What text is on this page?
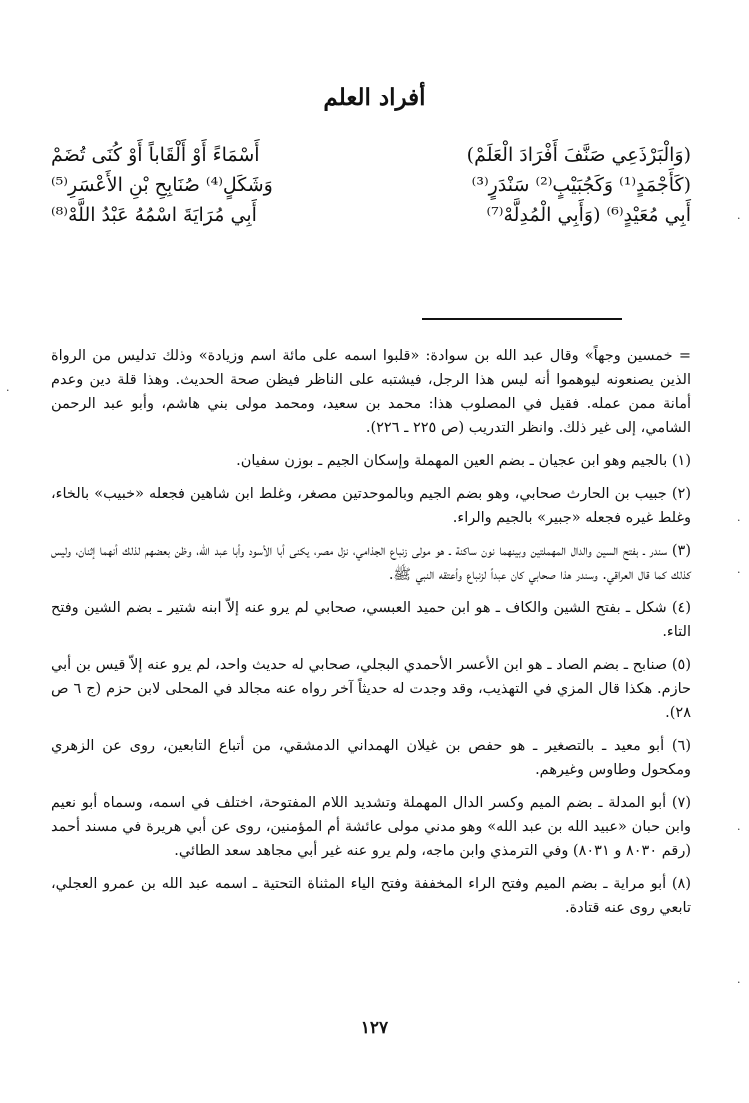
أفراد العلم
(وَالْبَرْذَعِي صَنَّفَ أَفْرَادَ الْعَلَمْ)
أَسْمَاءً أَوْ أَلْقَاباً أَوْ كُنَى تُضَمْ
(كَأَجْمَدٍ⁽¹⁾ وَكَجُبَيْبٍ⁽²⁾ سَنْدَرٍ⁽³⁾
وَشَكَلٍ⁽⁴⁾ صُنَابِحِ بْنِ الأَعْسَرِ⁽⁵⁾
أَبِي مُعَيْدٍ⁽⁶⁾ (وَأَبِي الْمُدِلَّهْ⁽⁷⁾
أَبِي مُرَايَةَ اسْمُهُ عَبْدُ اللَّهْ⁽⁸⁾

= خمسين وجهاً» وقال عبد الله بن سوادة: «قلبوا اسمه على مائة اسم وزيادة» وذلك تدليس من الرواة الذين يصنعونه ليوهموا أنه ليس هذا الرجل، فيشتبه على الناظر فيظن صحة الحديث. وهذا قلة دين وعدم أمانة ممن عمله. فقيل في المصلوب هذا: محمد بن سعيد، ومحمد مولى بني هاشم، وأبو عبد الرحمن الشامي، إلى غير ذلك. وانظر التدريب (ص ٢٢٥ ـ ٢٢٦).

(١) بالجيم وهو ابن عجيان ـ بضم العين المهملة وإسكان الجيم ـ بوزن سفيان.

(٢) جبيب بن الحارث صحابي، وهو بضم الجيم وبالموحدتين مصغر، وغلط ابن شاهين فجعله «خبيب» بالخاء، وغلط غيره فجعله «جبير» بالجيم والراء.

(٣) سندر ـ بفتح السين والدال المهملتين وبينهما نون ساكنة ـ هو مولى زنباع الجذامي، نزل مصر، يكنى أبا الأسود وأبا عبد الله، وظن بعضهم لذلك أنهما إثنان، وليس كذلك كما قال العراقي. وسندر هذا صحابي كان عبداً لزنباع وأعتقه النبي ﷺ.

(٤) شكل ـ بفتح الشين والكاف ـ هو ابن حميد العبسي، صحابي لم يرو عنه إلاّ ابنه شتير ـ بضم الشين وفتح التاء.

(٥) صنابح ـ بضم الصاد ـ هو ابن الأعسر الأحمدي البجلي، صحابي له حديث واحد، لم يرو عنه إلاّ قيس بن أبي حازم. هكذا قال المزي في التهذيب، وقد وجدت له حديثاً آخر رواه عنه مجالد في المحلى لابن حزم (ج ٦ ص ٢٨).

(٦) أبو معيد ـ بالتصغير ـ هو حفص بن غيلان الهمداني الدمشقي، من أتباع التابعين، روى عن الزهري ومكحول وطاوس وغيرهم.

(٧) أبو المدلة ـ بضم الميم وكسر الدال المهملة وتشديد اللام المفتوحة، اختلف في اسمه، وسماه أبو نعيم وابن حبان «عبيد الله بن عبد الله» وهو مدني مولى عائشة أم المؤمنين، روى عن أبي هريرة في مسند أحمد (رقم ٨٠٣٠ و ٨٠٣١) وفي الترمذي وابن ماجه، ولم يرو عنه غير أبي مجاهد سعد الطائي.

(٨) أبو مراية ـ بضم الميم وفتح الراء المخففة وفتح الياء المثناة التحتية ـ اسمه عبد الله بن عمرو العجلي، تابعي روى عنه قتادة.

١٢٧
·
·
·
·
·
·
